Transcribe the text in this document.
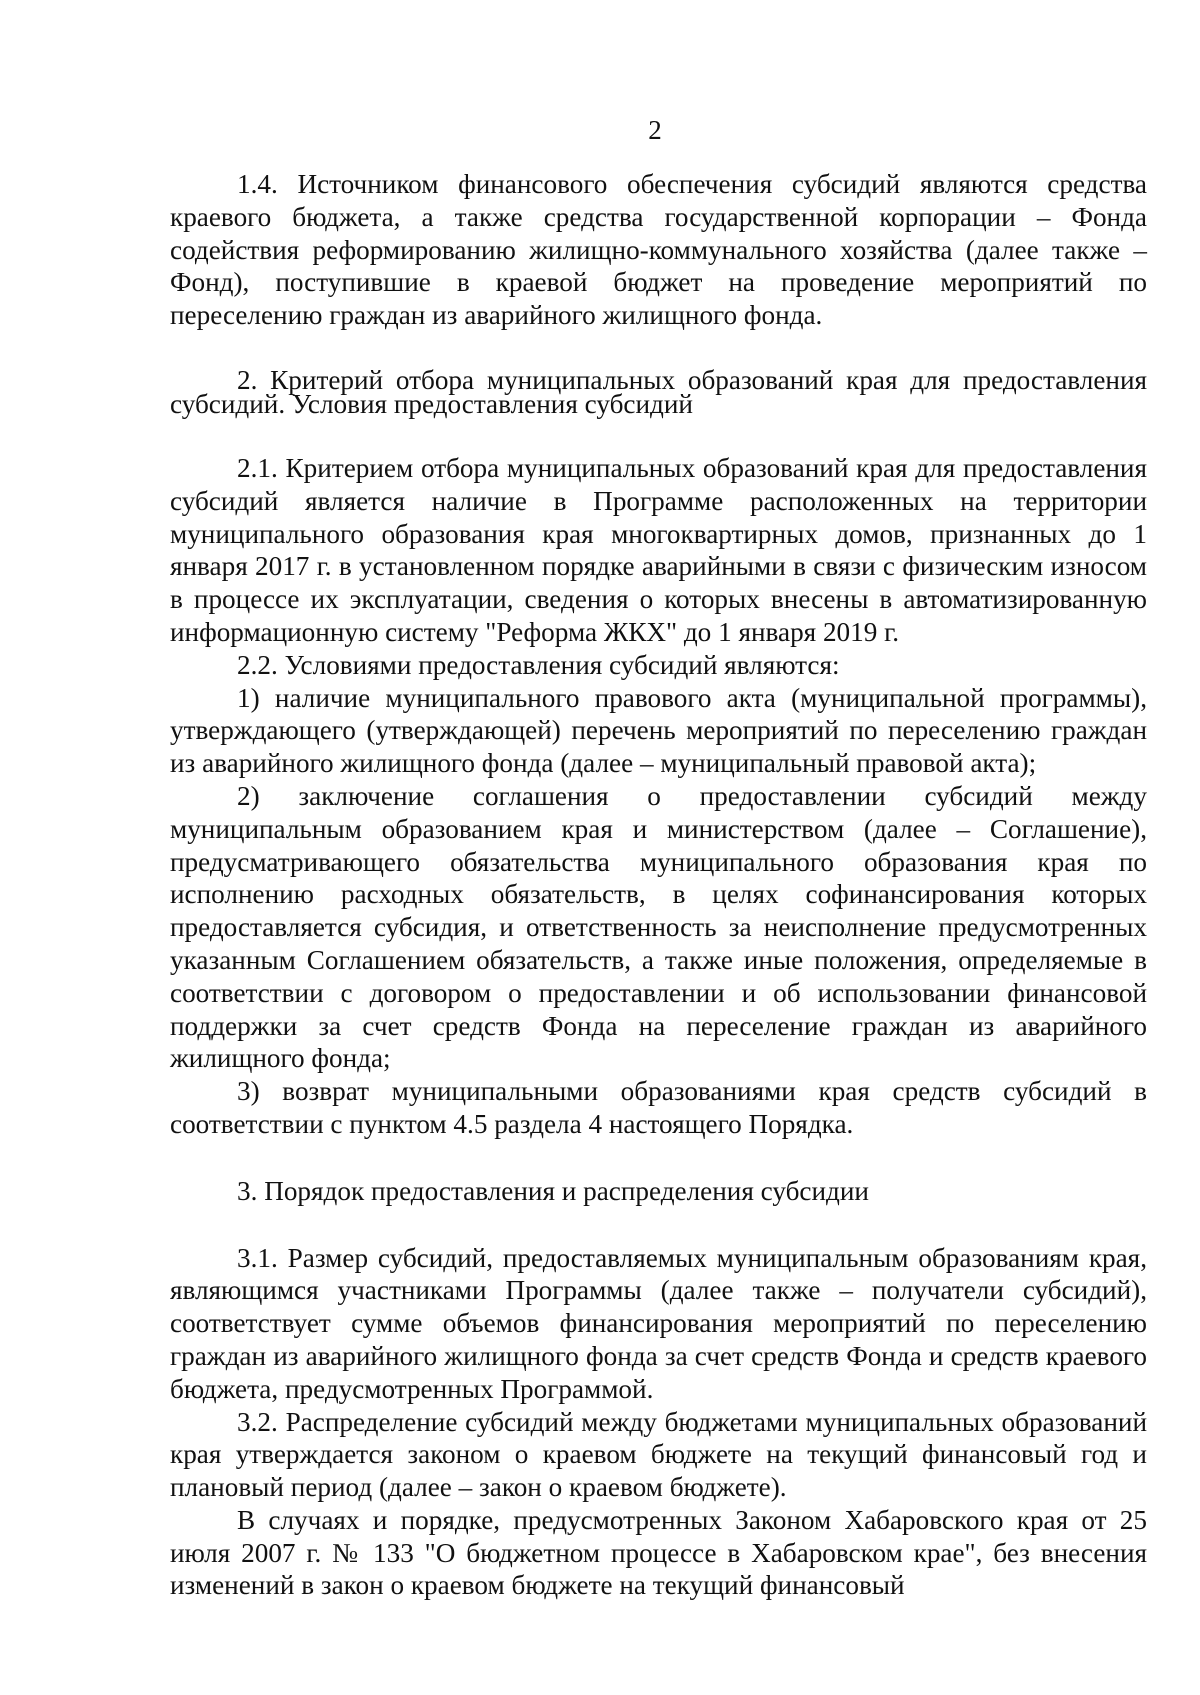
2

1.4. Источником финансового обеспечения субсидий являются средства краевого бюджета, а также средства государственной корпорации – Фонда содействия реформированию жилищно-коммунального хозяйства (далее также – Фонд), поступившие в краевой бюджет на проведение мероприятий по переселению граждан из аварийного жилищного фонда.

2. Критерий отбора муниципальных образований края для предоставления субсидий. Условия предоставления субсидий

2.1. Критерием отбора муниципальных образований края для предоставления субсидий является наличие в Программе расположенных на территории муниципального образования края многоквартирных домов, признанных до 1 января 2017 г. в установленном порядке аварийными в связи с физическим износом в процессе их эксплуатации, сведения о которых внесены в автоматизированную информационную систему "Реформа ЖКХ" до 1 января 2019 г.

2.2. Условиями предоставления субсидий являются:

1) наличие муниципального правового акта (муниципальной программы), утверждающего (утверждающей) перечень мероприятий по переселению граждан из аварийного жилищного фонда (далее – муниципальный правовой акта);

2) заключение соглашения о предоставлении субсидий между муниципальным образованием края и министерством (далее – Соглашение), предусматривающего обязательства муниципального образования края по исполнению расходных обязательств, в целях софинансирования которых предоставляется субсидия, и ответственность за неисполнение предусмотренных указанным Соглашением обязательств, а также иные положения, определяемые в соответствии с договором о предоставлении и об использовании финансовой поддержки за счет средств Фонда на переселение граждан из аварийного жилищного фонда;

3) возврат муниципальными образованиями края средств субсидий в соответствии с пунктом 4.5 раздела 4 настоящего Порядка.

3. Порядок предоставления и распределения субсидии

3.1. Размер субсидий, предоставляемых муниципальным образованиям края, являющимся участниками Программы (далее также – получатели субсидий), соответствует сумме объемов финансирования мероприятий по переселению граждан из аварийного жилищного фонда за счет средств Фонда и средств краевого бюджета, предусмотренных Программой.

3.2. Распределение субсидий между бюджетами муниципальных образований края утверждается законом о краевом бюджете на текущий финансовый год и плановый период (далее – закон о краевом бюджете).

В случаях и порядке, предусмотренных Законом Хабаровского края от 25 июля 2007 г. № 133 "О бюджетном процессе в Хабаровском крае", без внесения изменений в закон о краевом бюджете на текущий финансовый
